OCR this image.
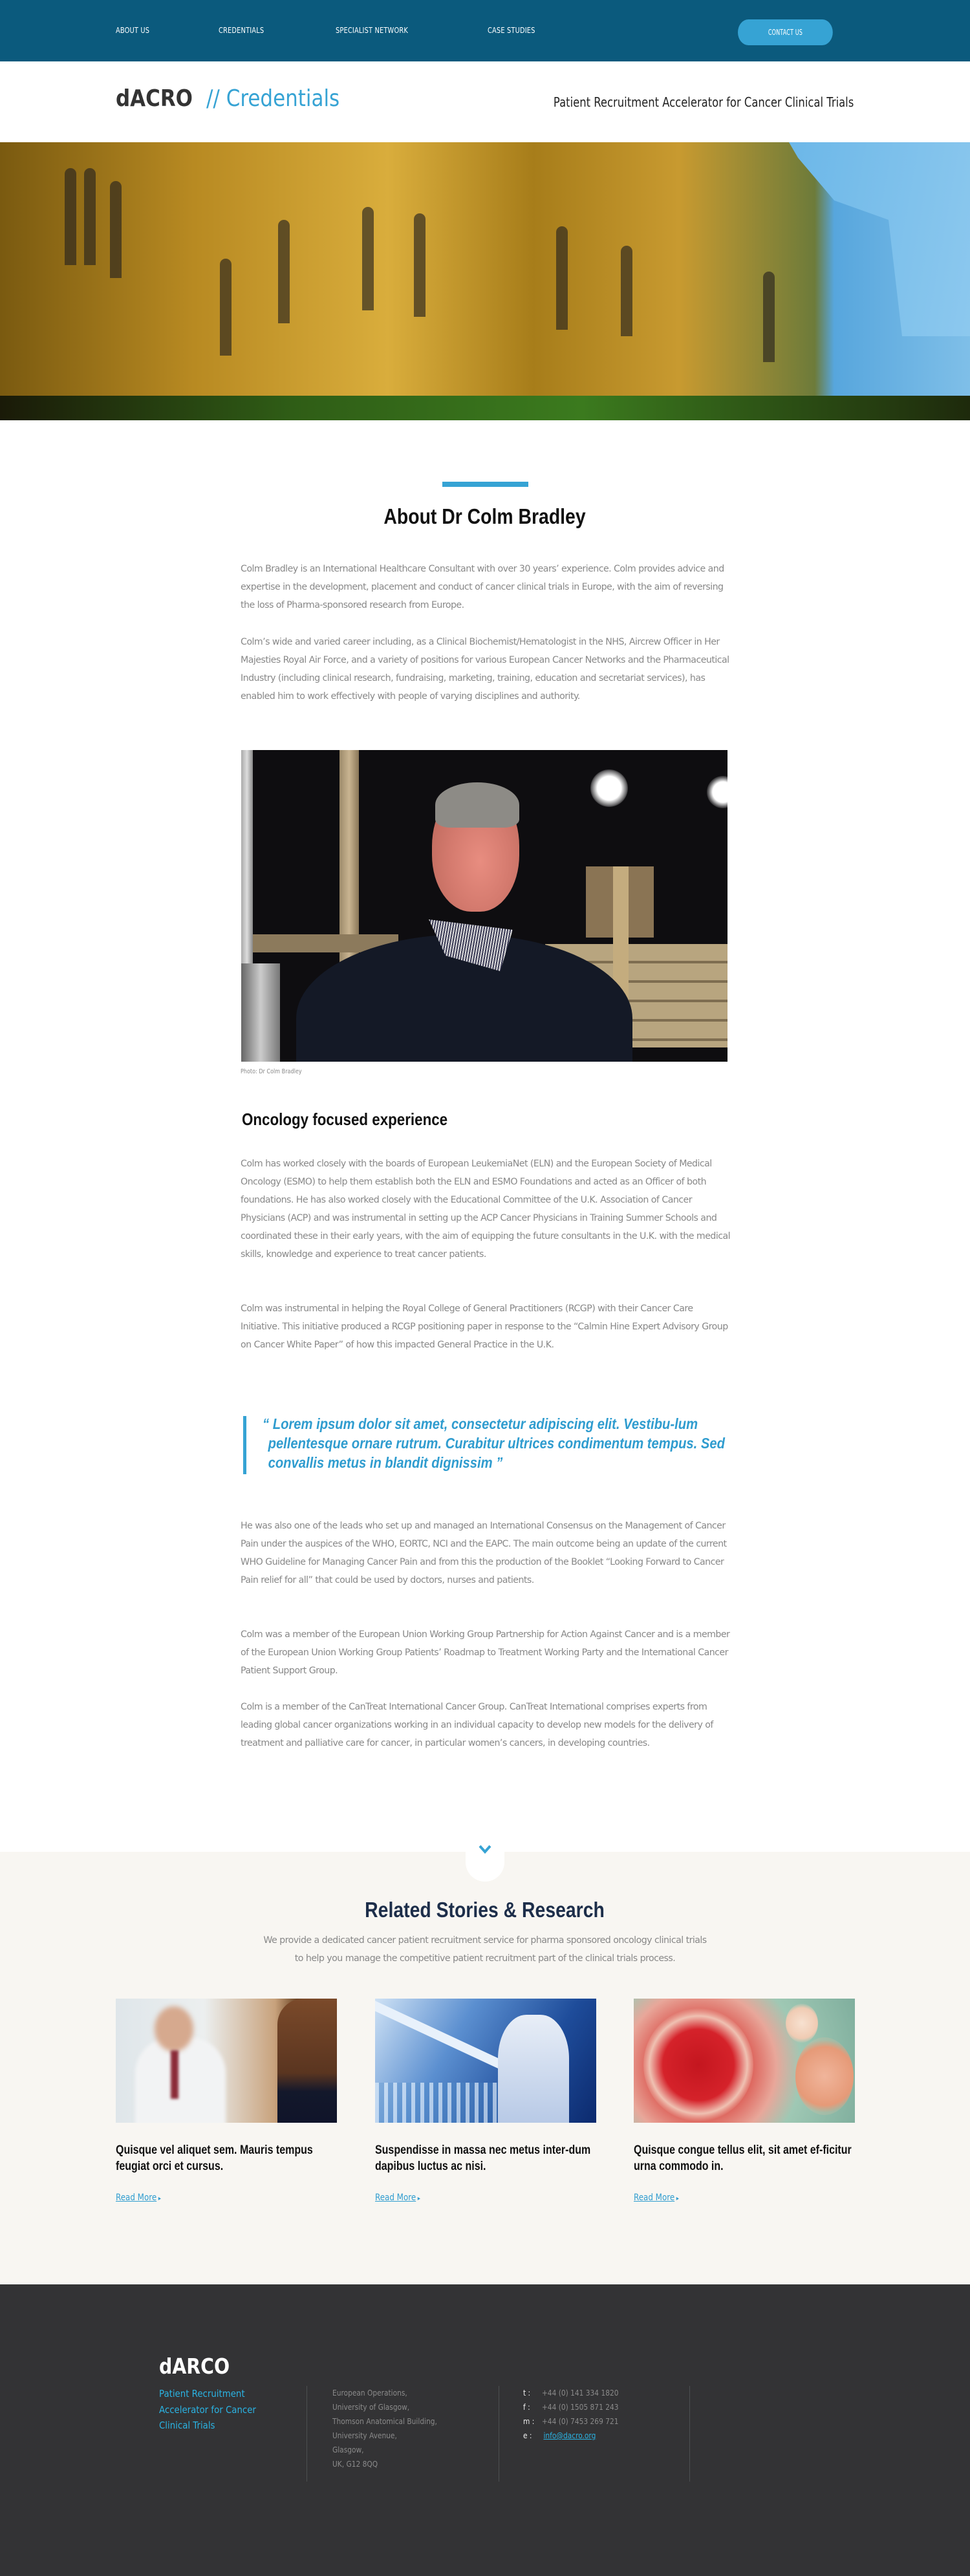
ABOUT US	CREDENTIALS	SPECIALIST NETWORK	CASE STUDIES	CONTACT US
dACRO // Credentials	Patient Recruitment Accelerator for Cancer Clinical Trials
About Dr Colm Bradley

Colm Bradley is an International Healthcare Consultant with over 30 years’ experience. Colm provides advice and expertise in the development, placement and conduct of cancer clinical trials in Europe, with the aim of reversing the loss of Pharma-sponsored research from Europe.

Colm’s wide and varied career including, as a Clinical Biochemist/Hematologist in the NHS, Aircrew Officer in Her Majesties Royal Air Force, and a variety of positions for various European Cancer Networks and the Pharmaceutical Industry (including clinical research, fundraising, marketing, training, education and secretariat services), has enabled him to work effectively with people of varying disciplines and authority.

Photo: Dr Colm Bradley
Oncology focused experience

Colm has worked closely with the boards of European LeukemiaNet (ELN) and the European Society of Medical Oncology (ESMO) to help them establish both the ELN and ESMO Foundations and acted as an Officer of both foundations. He has also worked closely with the Educational Committee of the U.K. Association of Cancer Physicians (ACP) and was instrumental in setting up the ACP Cancer Physicians in Training Summer Schools and coordinated these in their early years, with the aim of equipping the future consultants in the U.K. with the medical skills, knowledge and experience to treat cancer patients.

Colm was instrumental in helping the Royal College of General Practitioners (RCGP) with their Cancer Care Initiative. This initiative produced a RCGP positioning paper in response to the “Calmin Hine Expert Advisory Group on Cancer White Paper” of how this impacted General Practice in the U.K.

“ Lorem ipsum dolor sit amet, consectetur adipiscing elit. Vestibu-lum pellentesque ornare rutrum. Curabitur ultrices condimentum tempus. Sed convallis metus in blandit dignissim ”

He was also one of the leads who set up and managed an International Consensus on the Management of Cancer Pain under the auspices of the WHO, EORTC, NCI and the EAPC. The main outcome being an update of the current WHO Guideline for Managing Cancer Pain and from this the production of the Booklet “Looking Forward to Cancer Pain relief for all” that could be used by doctors, nurses and patients.

Colm was a member of the European Union Working Group Partnership for Action Against Cancer and is a member of the European Union Working Group Patients’ Roadmap to Treatment Working Party and the International Cancer Patient Support Group.

Colm is a member of the CanTreat International Cancer Group. CanTreat International comprises experts from leading global cancer organizations working in an individual capacity to develop new models for the delivery of treatment and palliative care for cancer, in particular women’s cancers, in developing countries.

Related Stories & Research
We provide a dedicated cancer patient recruitment service for pharma sponsored oncology clinical trials
to help you manage the competitive patient recruitment part of the clinical trials process.
Quisque vel aliquet sem. Mauris tempus feugiat orci et cursus.
Read More ▸
Suspendisse in massa nec metus inter-dum dapibus luctus ac nisi.
Read More ▸
Quisque congue tellus elit, sit amet ef-ficitur urna commodo in.
Read More ▸
dARCO
Patient Recruitment Accelerator for Cancer Clinical Trials
European Operations,
University of Glasgow,
Thomson Anatomical Building,
University Avenue,
Glasgow,
UK, G12 8QQ
t :	+44 (0) 141 334 1820
f :	+44 (0) 1505 871 243
m : +44 (0) 7453 269 721
e :	info@dacro.org
